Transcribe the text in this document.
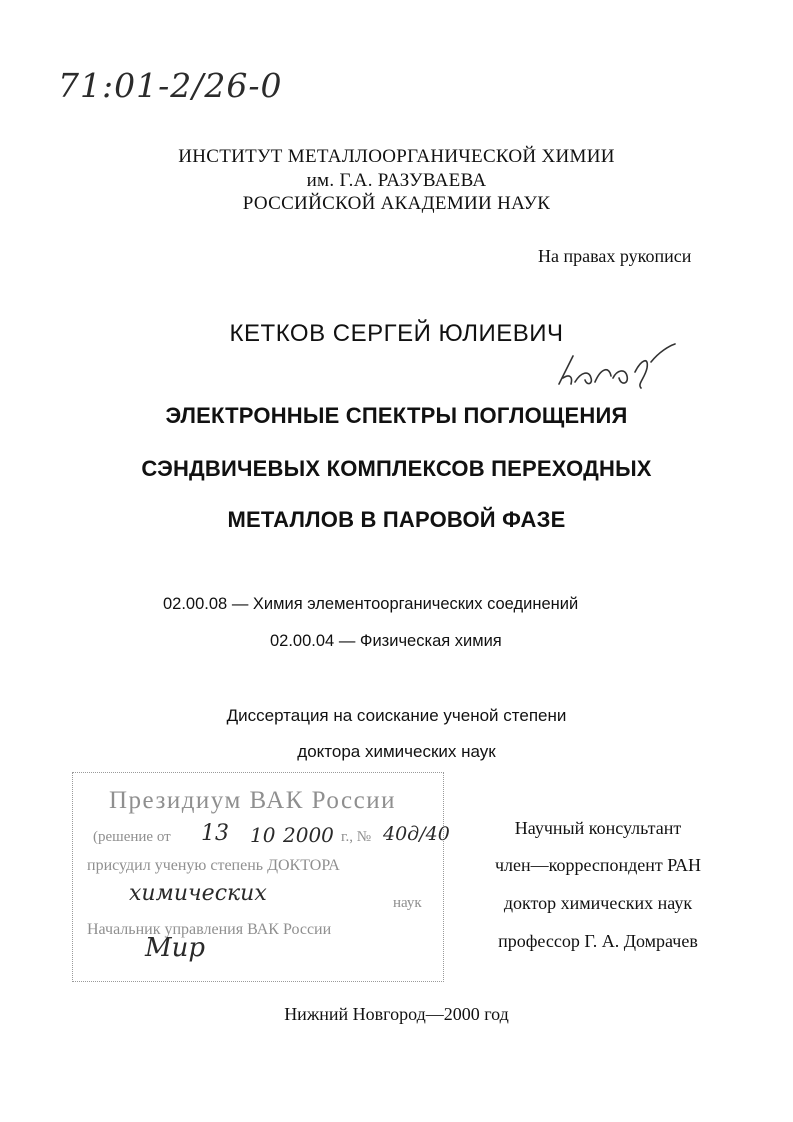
71:01-2/26-0
ИНСТИТУТ МЕТАЛЛООРГАНИЧЕСКОЙ ХИМИИ
им. Г.А. РАЗУВАЕВА
РОССИЙСКОЙ АКАДЕМИИ НАУК
На правах рукописи
КЕТКОВ СЕРГЕЙ ЮЛИЕВИЧ
ЭЛЕКТРОННЫЕ СПЕКТРЫ ПОГЛОЩЕНИЯ
СЭНДВИЧЕВЫХ КОМПЛЕКСОВ ПЕРЕХОДНЫХ
МЕТАЛЛОВ В ПАРОВОЙ ФАЗЕ
02.00.08 — Химия элементоорганических соединений
02.00.04 — Физическая химия
Диссертация на соискание ученой степени
доктора химических наук
Президиум ВАК России
(решение от 13 10 2000 г., № 40д/40
присудил ученую степень ДОКТОРА
химических	наук
Начальник управления ВАК России
Мир
Научный консультант
член—корреспондент РАН
доктор химических наук
профессор Г. А. Домрачев
Нижний Новгород—2000 год
